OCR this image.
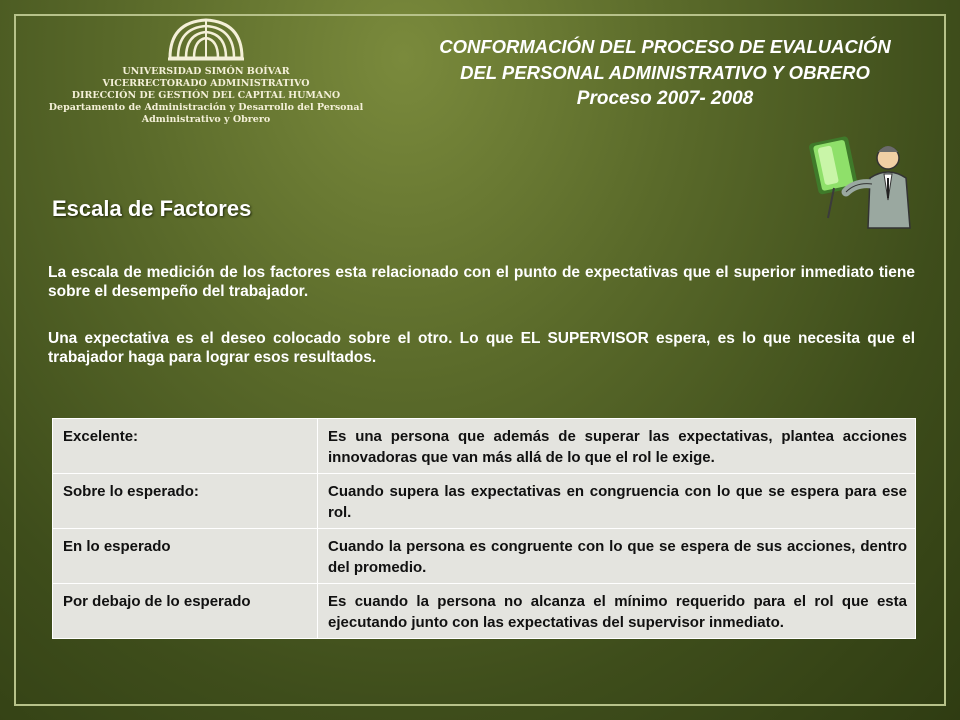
UNIVERSIDAD SIMÓN BOÍVAR
VICERRECTORADO ADMINISTRATIVO
DIRECCIÓN DE GESTIÓN DEL CAPITAL HUMANO
Departamento de Administración y Desarrollo del Personal
Administrativo y Obrero
CONFORMACIÓN DEL PROCESO DE EVALUACIÓN
DEL PERSONAL ADMINISTRATIVO Y OBRERO
Proceso 2007- 2008
Escala de Factores

La escala de medición de los factores esta relacionado con el punto de expectativas que el superior inmediato tiene sobre el desempeño del trabajador.

Una expectativa es el deseo colocado sobre el otro. Lo que EL SUPERVISOR espera, es lo que necesita que el trabajador haga para lograr esos resultados.

Excelente:	Es una persona que además de superar las expectativas, plantea acciones innovadoras que van más allá de lo que el rol le exige.
Sobre lo esperado:	Cuando supera las expectativas en congruencia con lo que se espera para ese rol.
En lo esperado	Cuando la persona es congruente con lo que se espera de sus acciones, dentro del promedio.
Por debajo de lo esperado	Es cuando la persona no alcanza el mínimo requerido para el rol que esta ejecutando junto con las expectativas del supervisor inmediato.
